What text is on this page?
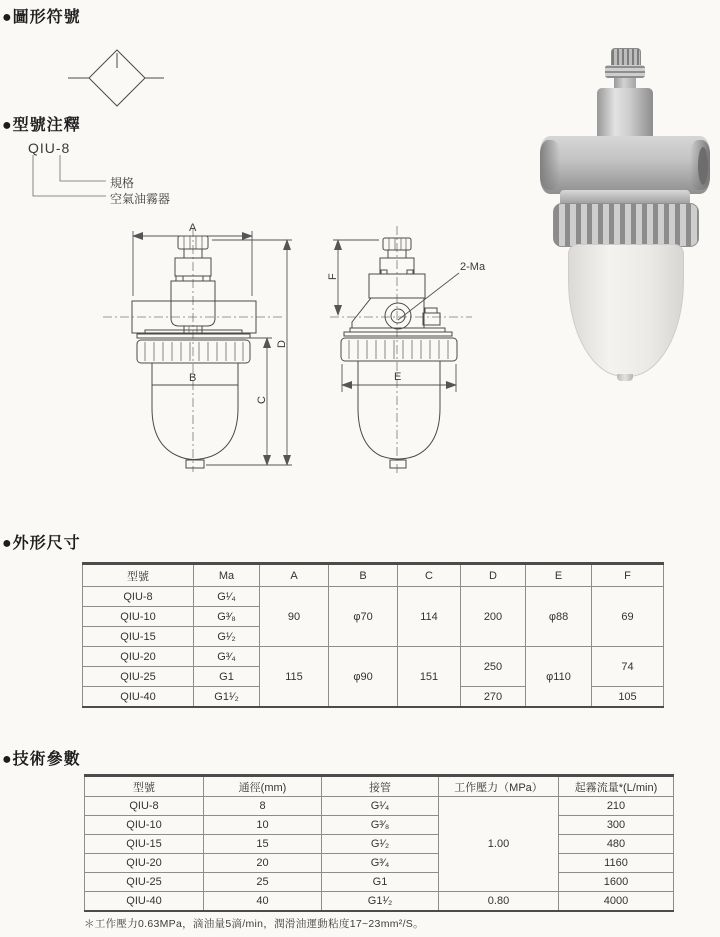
●圖形符號
●型號注釋
●外形尺寸
●技術參數
QIU-8
規格
空氣油霧器
A
D
C
B
F
E
2-Ma
型號	Ma	A	B	C	D	E	F
QIU-8	G¹⁄₄	90	φ70	114	200	φ88	69
QIU-10	G³⁄₈						
QIU-15	G¹⁄₂						
QIU-20	G³⁄₄	115	φ90	151	250	φ110	74
QIU-25	G1						
QIU-40	G1¹⁄₂				270		105
型號	通徑(mm)	接管	工作壓力（MPa）	起霧流量*(L/min)
QIU-8	8	G¹⁄₄	1.00	210
QIU-10	10	G³⁄₈		300
QIU-15	15	G¹⁄₂		480
QIU-20	20	G³⁄₄		1160
QIU-25	25	G1		1600
QIU-40	40	G1¹⁄₂	0.80	4000
＊工作壓力0.63MPa，滴油量5滴/min，潤滑油運動粘度17~23mm²/S。
